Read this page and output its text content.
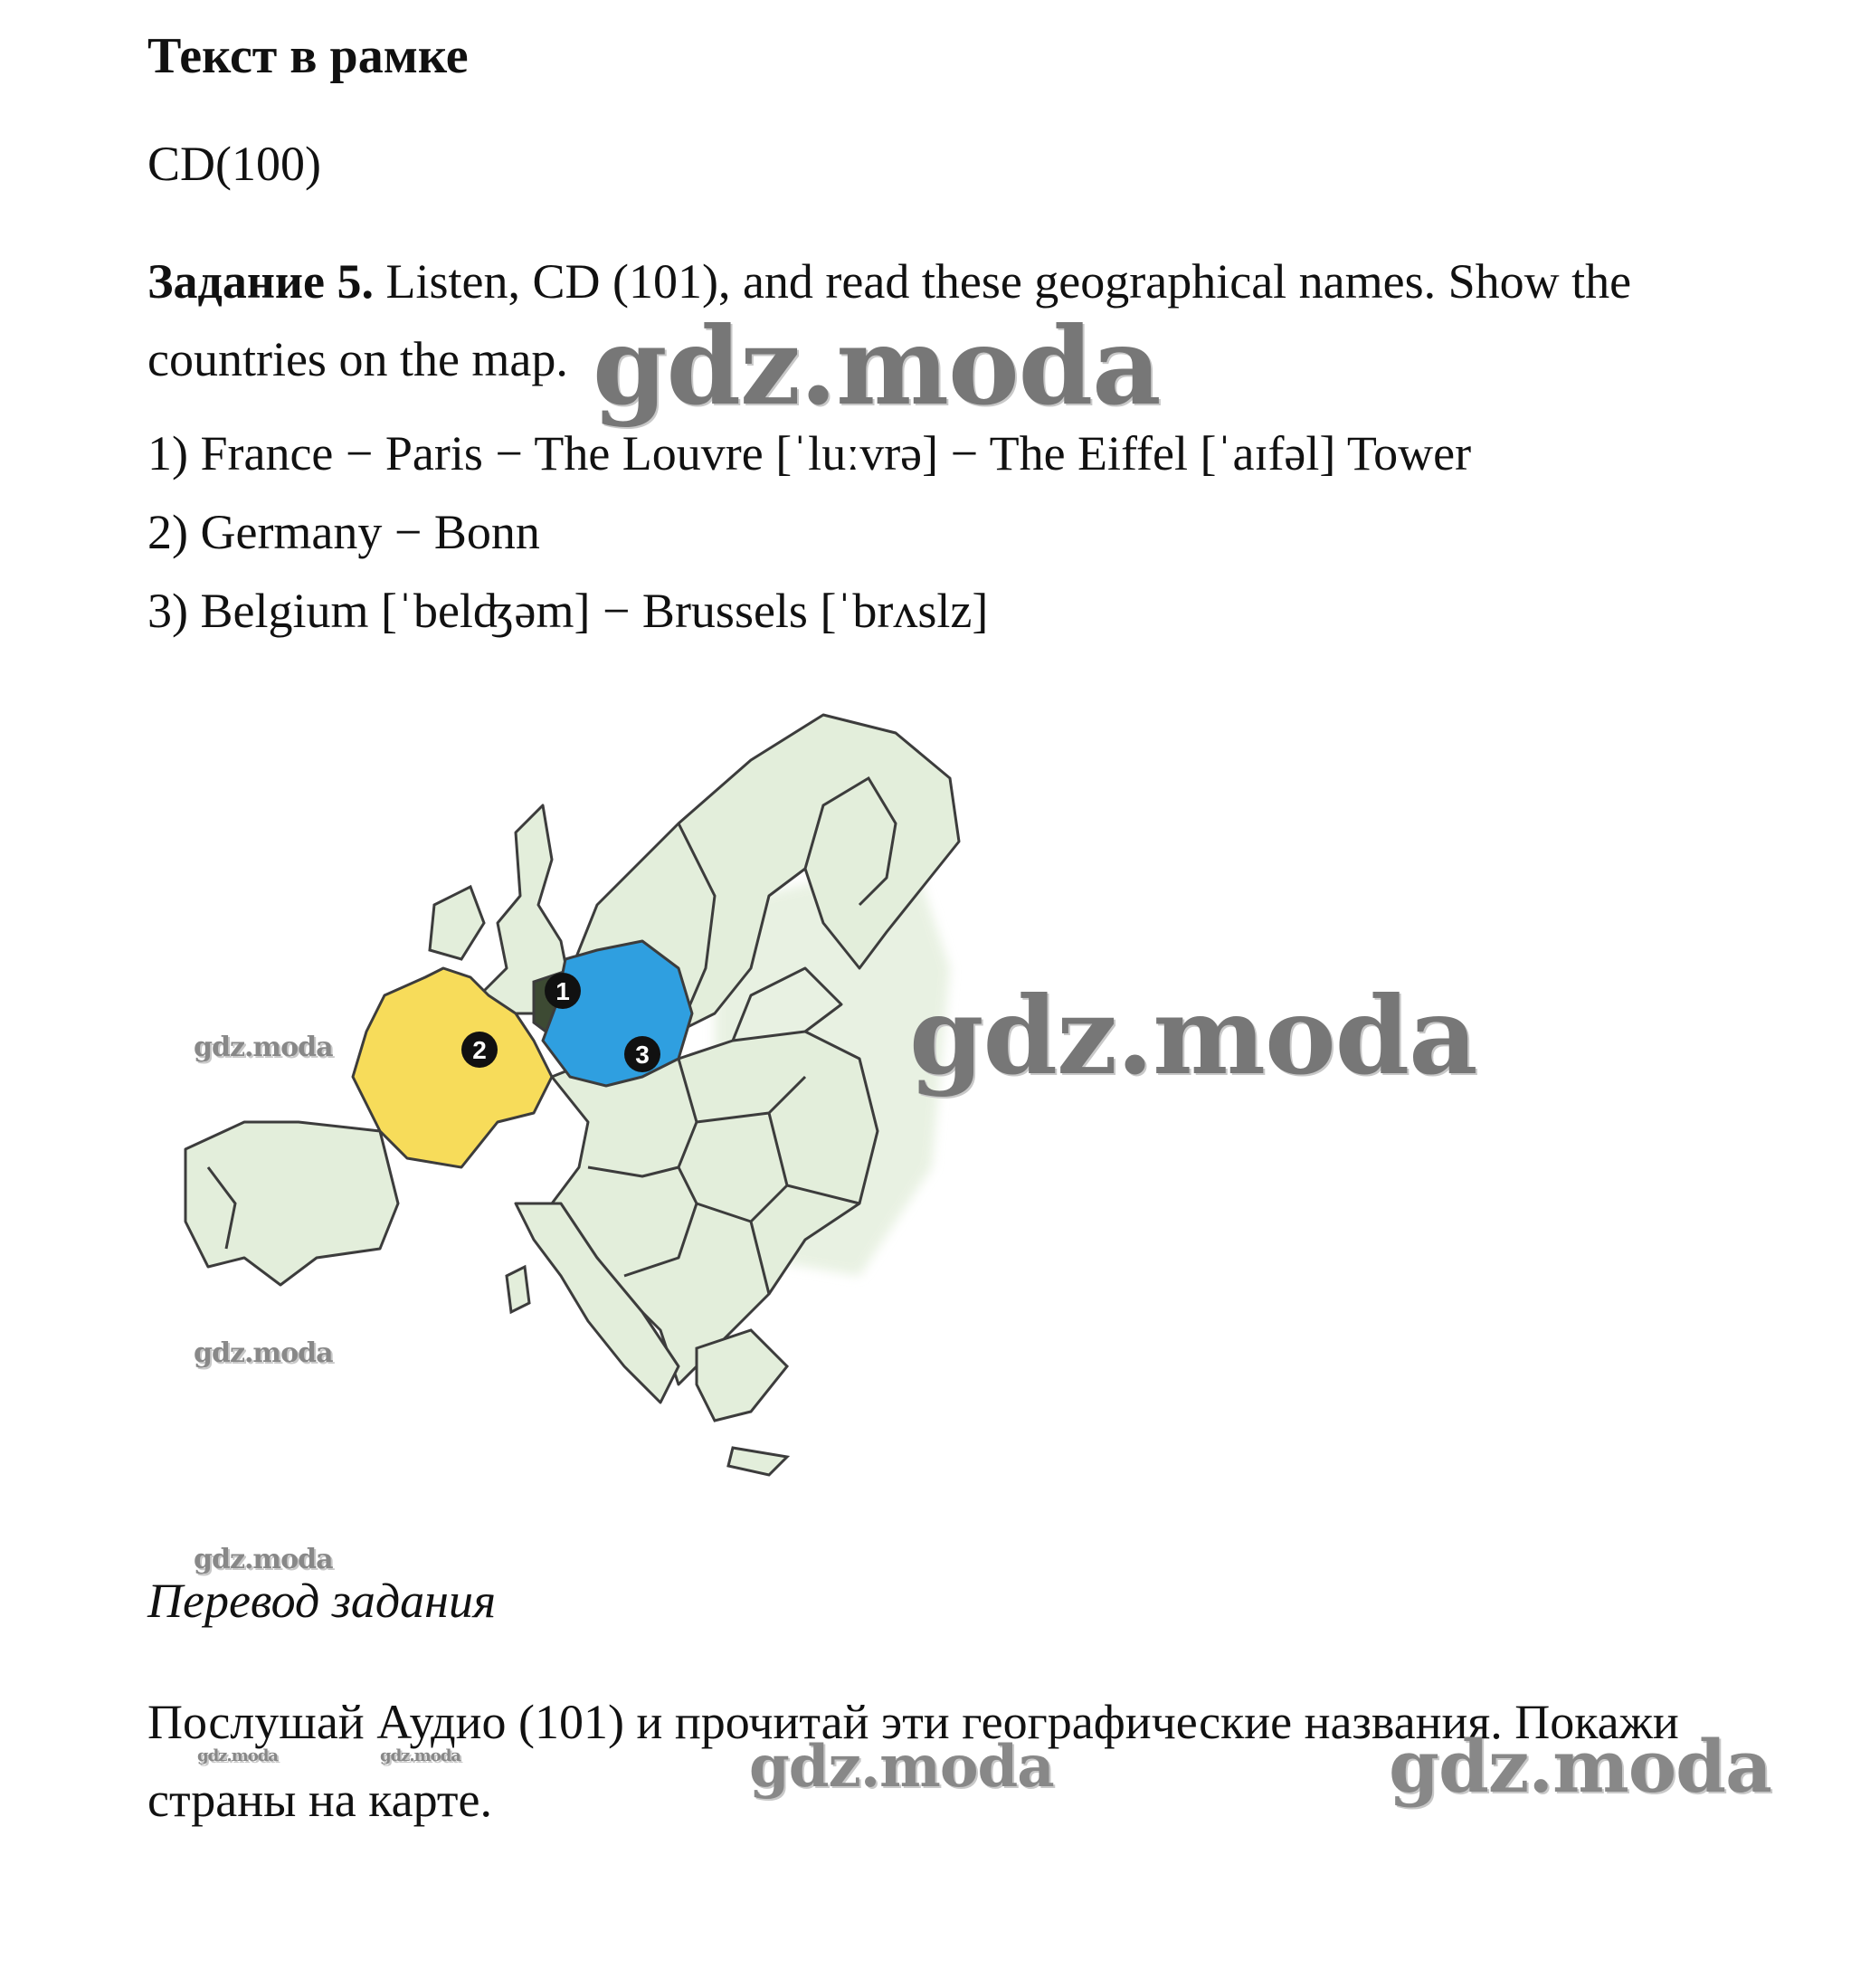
Текст в рамке
CD(100)
Задание 5. Listen, CD (101), and read these geographical names. Show the countries on the map.
1) France − Paris − The Louvre [ˈluːvrə] − The Eiffel [ˈaɪfəl] Tower
2) Germany − Bonn
3) Belgium [ˈbelʤəm] − Brussels [ˈbrʌslz]
1
2	3
Перевод задания
Послушай Аудио (101) и прочитай эти географические названия. Покажи страны на карте.
gdz.moda
gdz.moda
gdz.moda
gdz.moda
gdz.moda
gdz.moda	gdz.moda
gdz.moda	gdz.moda
